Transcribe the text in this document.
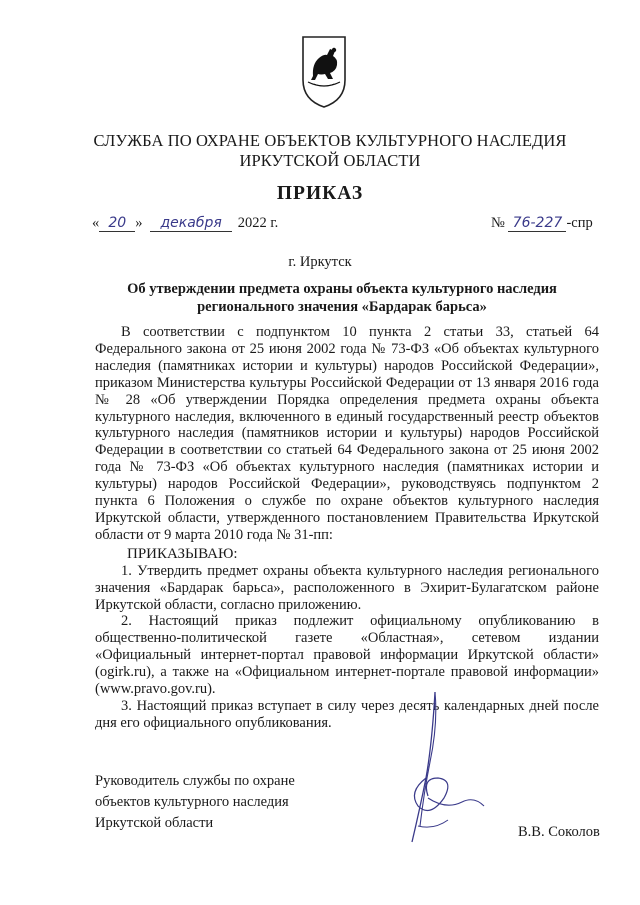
СЛУЖБА ПО ОХРАНЕ ОБЪЕКТОВ КУЛЬТУРНОГО НАСЛЕДИЯ
ИРКУТСКОЙ ОБЛАСТИ
ПРИКАЗ
« 20 » декабря 2022 г.	№ 76-227 -спр
г. Иркутск
Об утверждении предмета охраны объекта культурного наследия регионального значения «Бардарак барьса»

В соответствии с подпунктом 10 пункта 2 статьи 33, статьей 64 Федерального закона от 25 июня 2002 года № 73-ФЗ «Об объектах культурного наследия (памятниках истории и культуры) народов Российской Федерации», приказом Министерства культуры Российской Федерации от 13 января 2016 года № 28 «Об утверждении Порядка определения предмета охраны объекта культурного наследия, включенного в единый государственный реестр объектов культурного наследия (памятников истории и культуры) народов Российской Федерации в соответствии со статьей 64 Федерального закона от 25 июня 2002 года № 73-ФЗ «Об объектах культурного наследия (памятниках истории и культуры) народов Российской Федерации», руководствуясь подпунктом 2 пункта 6 Положения о службе по охране объектов культурного наследия Иркутской области, утвержденного постановлением Правительства Иркутской области от 9 марта 2010 года № 31-пп:

ПРИКАЗЫВАЮ:

1. Утвердить предмет охраны объекта культурного наследия регионального значения «Бардарак барьса», расположенного в Эхирит-Булагатском районе Иркутской области, согласно приложению.

2. Настоящий приказ подлежит официальному опубликованию в общественно-политической газете «Областная», сетевом издании «Официальный интернет-портал правовой информации Иркутской области» (ogirk.ru), а также на «Официальном интернет-портале правовой информации» (www.pravo.gov.ru).

3. Настоящий приказ вступает в силу через десять календарных дней после дня его официального опубликования.

Руководитель службы по охране
объектов культурного наследия
Иркутской области
В.В. Соколов
